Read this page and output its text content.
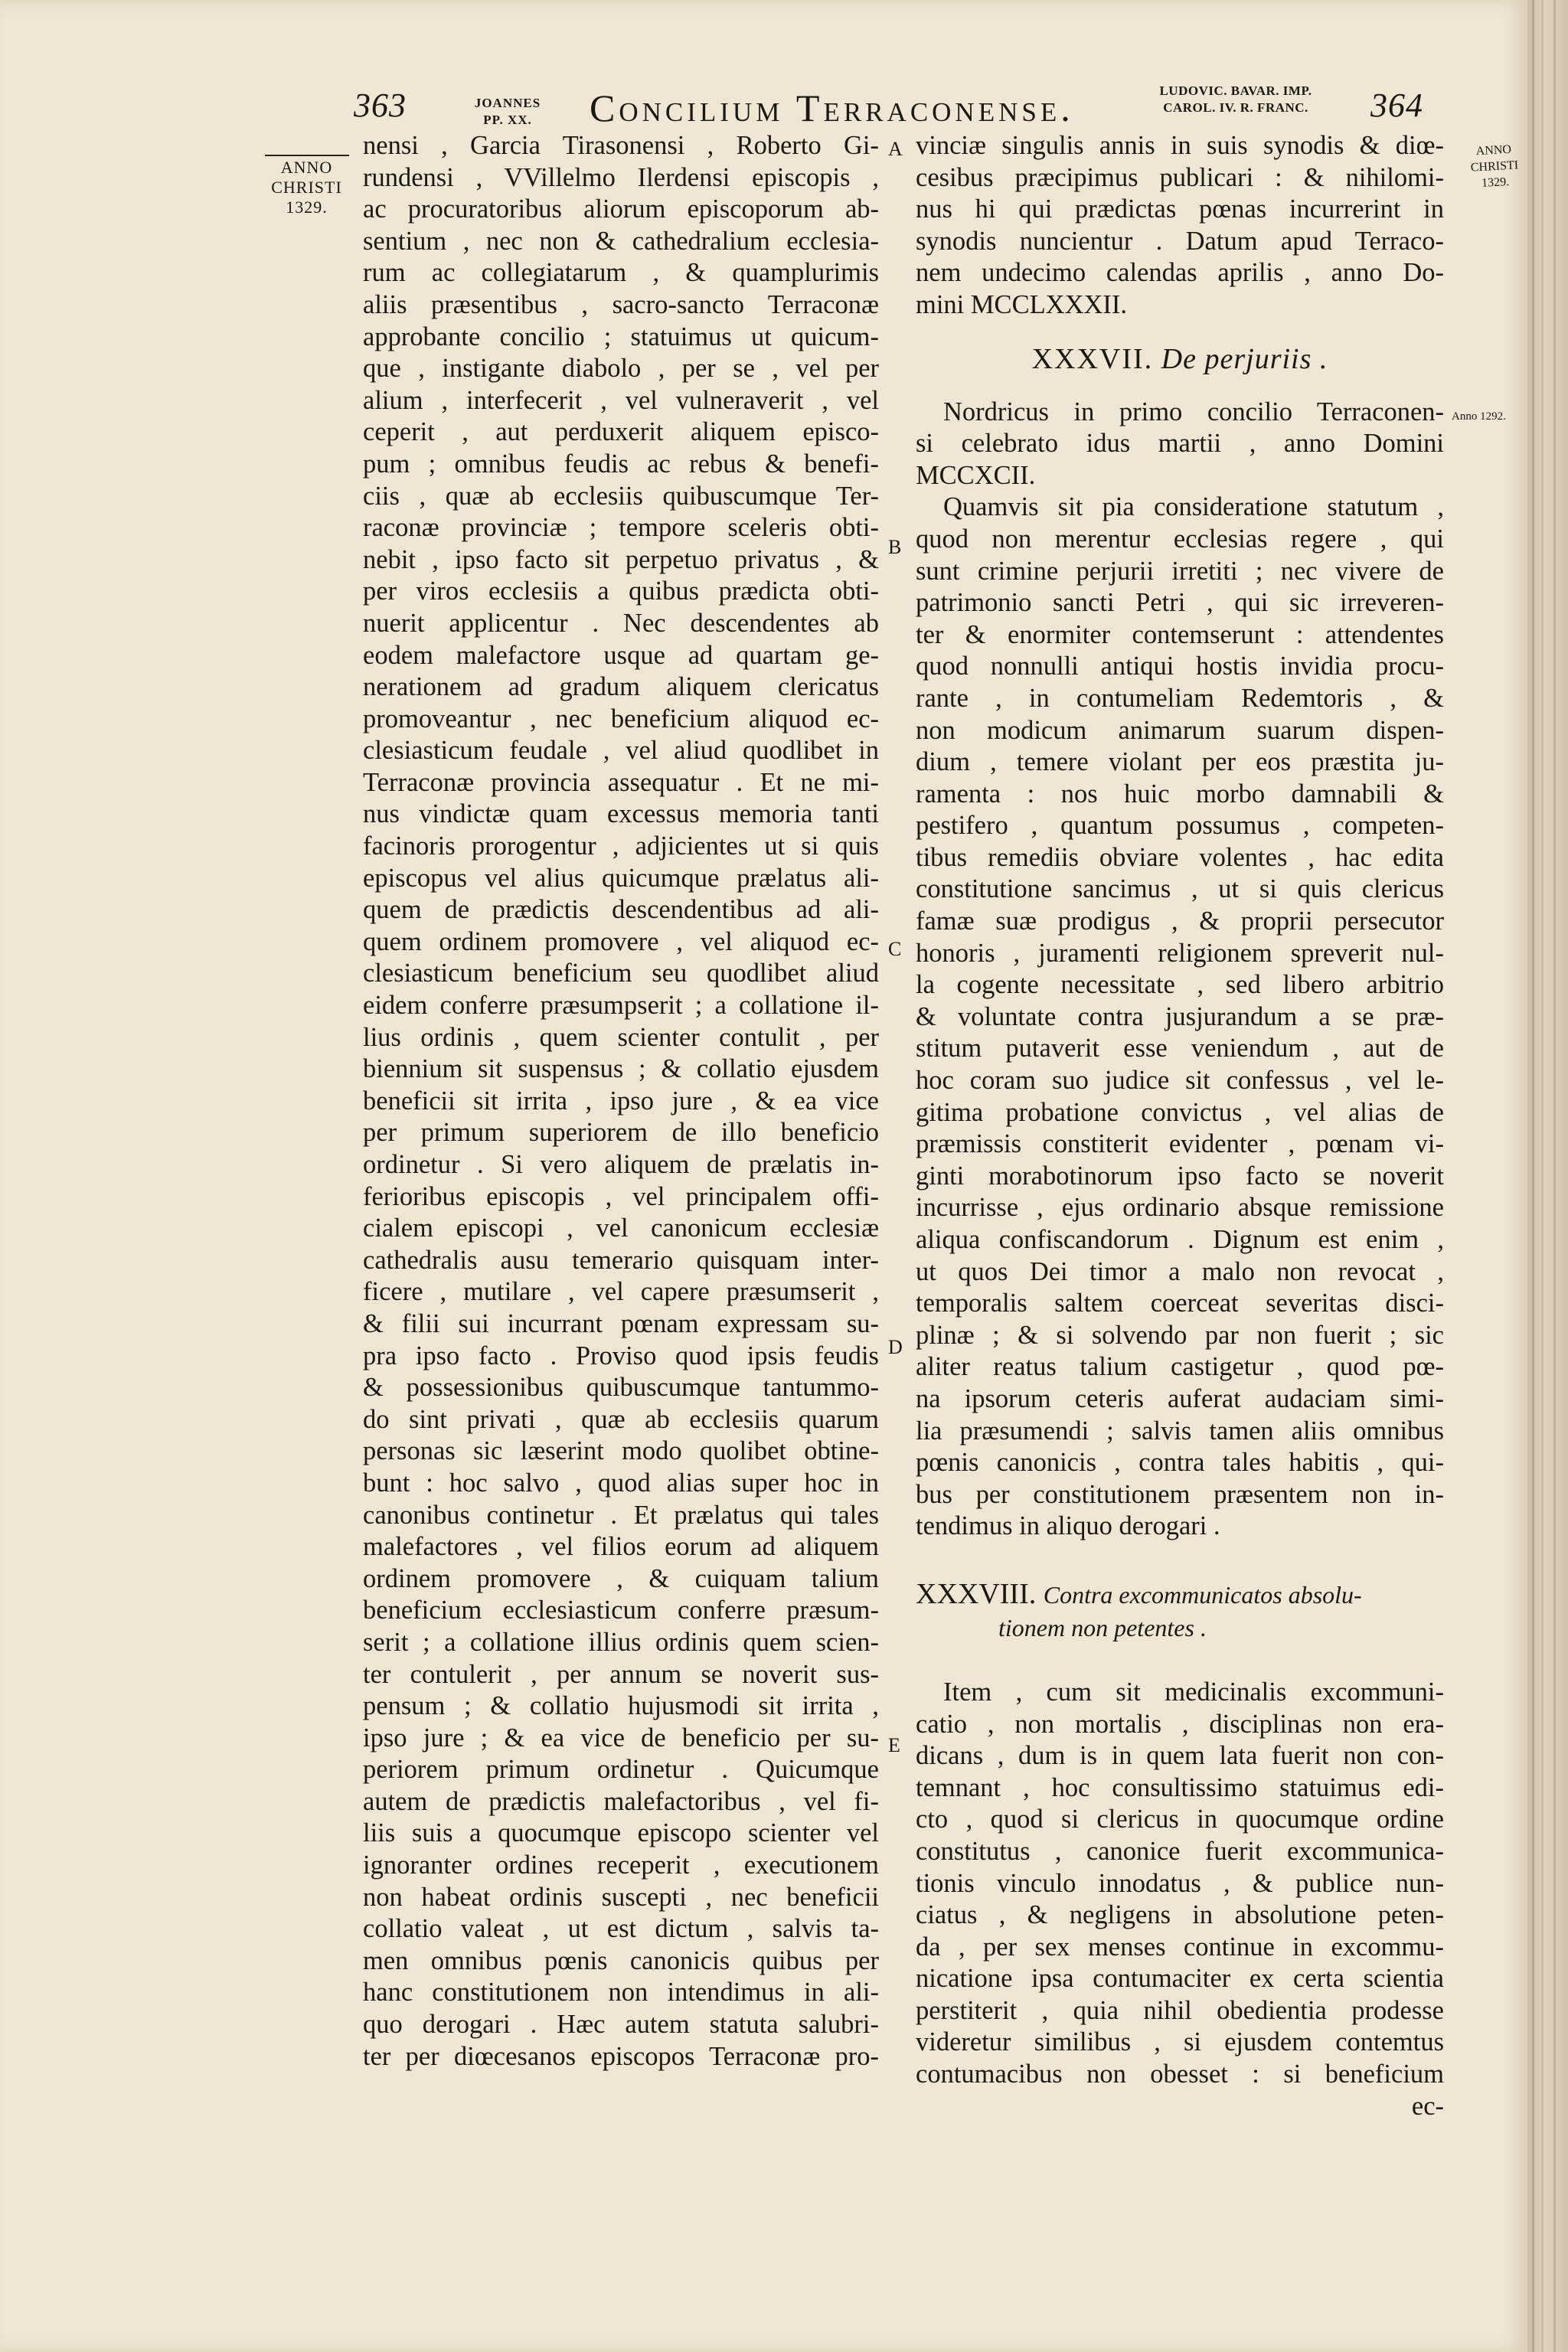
363	JOANNES
PP. XX.	Concilium Terraconense.	LUDOVIC. BAVAR. IMP.
CAROL. IV. R. FRANC.	364
ANNO
CHRISTI
1329.
ANNO
CHRISTI
1329.
Anno 1292.
A
B
C
D
E
nensi , Garcia Tirasonensi , Roberto Gi-
rundensi , VVillelmo Ilerdensi episcopis ,
ac procuratoribus aliorum episcoporum ab-
sentium , nec non & cathedralium ecclesia-
rum ac collegiatarum , & quamplurimis
aliis præsentibus , sacro-sancto Terraconæ
approbante concilio ; statuimus ut quicum-
que , instigante diabolo , per se , vel per
alium , interfecerit , vel vulneraverit , vel
ceperit , aut perduxerit aliquem episco-
pum ; omnibus feudis ac rebus & benefi-
ciis , quæ ab ecclesiis quibuscumque Ter-
raconæ provinciæ ; tempore sceleris obti-
nebit , ipso facto sit perpetuo privatus , &
per viros ecclesiis a quibus prædicta obti-
nuerit applicentur . Nec descendentes ab
eodem malefactore usque ad quartam ge-
nerationem ad gradum aliquem clericatus
promoveantur , nec beneficium aliquod ec-
clesiasticum feudale , vel aliud quodlibet in
Terraconæ provincia assequatur . Et ne mi-
nus vindictæ quam excessus memoria tanti
facinoris prorogentur , adjicientes ut si quis
episcopus vel alius quicumque prælatus ali-
quem de prædictis descendentibus ad ali-
quem ordinem promovere , vel aliquod ec-
clesiasticum beneficium seu quodlibet aliud
eidem conferre præsumpserit ; a collatione il-
lius ordinis , quem scienter contulit , per
biennium sit suspensus ; & collatio ejusdem
beneficii sit irrita , ipso jure , & ea vice
per primum superiorem de illo beneficio
ordinetur . Si vero aliquem de prælatis in-
ferioribus episcopis , vel principalem offi-
cialem episcopi , vel canonicum ecclesiæ
cathedralis ausu temerario quisquam inter-
ficere , mutilare , vel capere præsumserit ,
& filii sui incurrant pœnam expressam su-
pra ipso facto . Proviso quod ipsis feudis
& possessionibus quibuscumque tantummo-
do sint privati , quæ ab ecclesiis quarum
personas sic læserint modo quolibet obtine-
bunt : hoc salvo , quod alias super hoc in
canonibus continetur . Et prælatus qui tales
malefactores , vel filios eorum ad aliquem
ordinem promovere , & cuiquam talium
beneficium ecclesiasticum conferre præsum-
serit ; a collatione illius ordinis quem scien-
ter contulerit , per annum se noverit sus-
pensum ; & collatio hujusmodi sit irrita ,
ipso jure ; & ea vice de beneficio per su-
periorem primum ordinetur . Quicumque
autem de prædictis malefactoribus , vel fi-
liis suis a quocumque episcopo scienter vel
ignoranter ordines receperit , executionem
non habeat ordinis suscepti , nec beneficii
collatio valeat , ut est dictum , salvis ta-
men omnibus pœnis canonicis quibus per
hanc constitutionem non intendimus in ali-
quo derogari . Hæc autem statuta salubri-
ter per diœcesanos episcopos Terraconæ pro-
vinciæ singulis annis in suis synodis & diœ-
cesibus præcipimus publicari : & nihilomi-
nus hi qui prædictas pœnas incurrerint in
synodis nuncientur . Datum apud Terraco-
nem undecimo calendas aprilis , anno Do-
mini MCCLXXXII.
XXXVII. De perjuriis .
Nordricus in primo concilio Terraconen-
si celebrato idus martii , anno Domini
MCCXCII.
Quamvis sit pia consideratione statutum ,
quod non merentur ecclesias regere , qui
sunt crimine perjurii irretiti ; nec vivere de
patrimonio sancti Petri , qui sic irreveren-
ter & enormiter contemserunt : attendentes
quod nonnulli antiqui hostis invidia procu-
rante , in contumeliam Redemtoris , &
non modicum animarum suarum dispen-
dium , temere violant per eos præstita ju-
ramenta : nos huic morbo damnabili &
pestifero , quantum possumus , competen-
tibus remediis obviare volentes , hac edita
constitutione sancimus , ut si quis clericus
famæ suæ prodigus , & proprii persecutor
honoris , juramenti religionem spreverit nul-
la cogente necessitate , sed libero arbitrio
& voluntate contra jusjurandum a se præ-
stitum putaverit esse veniendum , aut de
hoc coram suo judice sit confessus , vel le-
gitima probatione convictus , vel alias de
præmissis constiterit evidenter , pœnam vi-
ginti morabotinorum ipso facto se noverit
incurrisse , ejus ordinario absque remissione
aliqua confiscandorum . Dignum est enim ,
ut quos Dei timor a malo non revocat ,
temporalis saltem coerceat severitas disci-
plinæ ; & si solvendo par non fuerit ; sic
aliter reatus talium castigetur , quod pœ-
na ipsorum ceteris auferat audaciam simi-
lia præsumendi ; salvis tamen aliis omnibus
pœnis canonicis , contra tales habitis , qui-
bus per constitutionem præsentem non in-
tendimus in aliquo derogari .
XXXVIII. Contra excommunicatos absolu-
tionem non petentes .
Item , cum sit medicinalis excommuni-
catio , non mortalis , disciplinas non era-
dicans , dum is in quem lata fuerit non con-
temnant , hoc consultissimo statuimus edi-
cto , quod si clericus in quocumque ordine
constitutus , canonice fuerit excommunica-
tionis vinculo innodatus , & publice nun-
ciatus , & negligens in absolutione peten-
da , per sex menses continue in excommu-
nicatione ipsa contumaciter ex certa scientia
perstiterit , quia nihil obedientia prodesse
videretur similibus , si ejusdem contemtus
contumacibus non obesset : si beneficium
ec-
